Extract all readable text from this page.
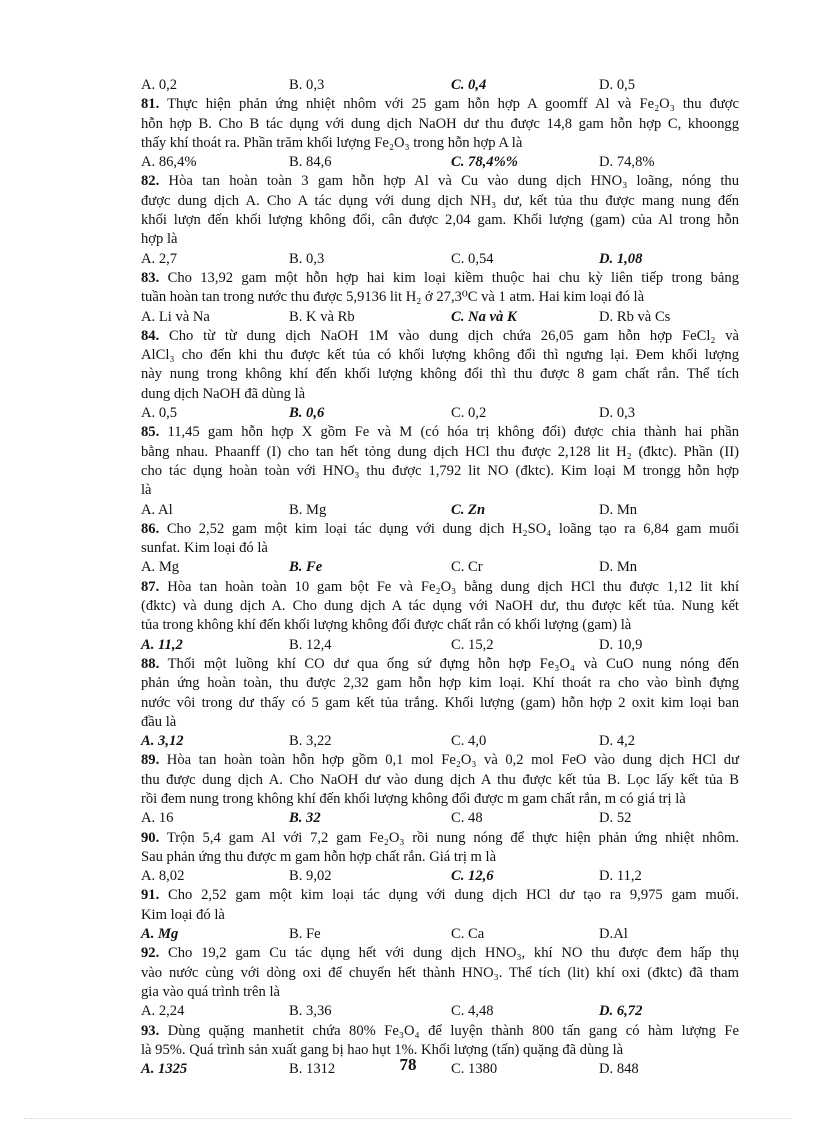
A. 0,2	B. 0,3	C. 0,4	D. 0,5
81. Thực hiện phản ứng nhiệt nhôm với 25 gam hỗn hợp A goomff Al và Fe₂O₃ thu được
hỗn hợp B. Cho B tác dụng với dung dịch NaOH dư thu được 14,8 gam hỗn hợp C, khoongg
thấy khí thoát ra. Phần trăm khối lượng Fe₂O₃ trong hỗn hợp A là
A. 86,4%	B. 84,6	C. 78,4%%	D. 74,8%
82. Hòa tan hoàn toàn 3 gam hỗn hợp Al và Cu vào dung dịch HNO₃ loãng, nóng thu
được dung dịch A. Cho A tác dụng với dung dịch NH₃ dư, kết tủa thu được mang nung đến
khối lượn đến khối lượng không đổi, cân được 2,04 gam. Khối lượng (gam) của Al trong hỗn
hợp là
A. 2,7	B. 0,3	C. 0,54	D. 1,08
83. Cho 13,92 gam một hỗn hợp hai kim loại kiềm thuộc hai chu kỳ liên tiếp trong bảng
tuần hoàn tan trong nước thu được 5,9136 lit H₂ ở 27,3⁰C và 1 atm. Hai kim loại đó là
A. Li và Na	B. K và Rb	C. Na và K	D. Rb và Cs
84. Cho từ từ dung dịch NaOH 1M vào dung dịch chứa 26,05 gam hỗn hợp FeCl₂ và
AlCl₃ cho đến khi thu được kết tủa có khối lượng không đổi thì ngưng lại. Đem khối lượng
này nung trong không khí đến khối lượng không đổi thì thu được 8 gam chất rắn. Thể tích
dung dịch NaOH đã dùng là
A. 0,5	B. 0,6	C. 0,2	D. 0,3
85. 11,45 gam hỗn hợp X gồm Fe và M (có hóa trị không đổi) được chia thành hai phần
bằng nhau. Phaanff (I) cho tan hết tỏng dung dịch HCl thu được 2,128 lit H₂ (đktc). Phần (II)
cho tác dụng hoàn toàn với HNO₃ thu được 1,792 lit NO (đktc). Kim loại M trongg hỗn hợp
là
A. Al	B. Mg	C. Zn	D. Mn
86. Cho 2,52 gam một kim loại tác dụng với dung dịch H₂SO₄ loãng tạo ra 6,84 gam muối
sunfat. Kim loại đó là
A. Mg	B. Fe	C. Cr	D. Mn
87. Hòa tan hoàn toàn 10 gam bột Fe và Fe₂O₃ bằng dung dịch HCl thu được 1,12 lit khí
(đktc) và dung dịch A. Cho dung dịch A tác dụng với NaOH dư, thu được kết tủa. Nung kết
tủa trong không khí đến khối lượng không đổi được chất rắn có khối lượng (gam) là
A. 11,2	B. 12,4	C. 15,2	D. 10,9
88. Thổi một luồng khí CO dư qua ống sứ đựng hỗn hợp Fe₃O₄ và CuO nung nóng đến
phản ứng hoàn toàn, thu được 2,32 gam hỗn hợp kim loại. Khí thoát ra cho vào bình đựng
nước vôi trong dư thấy có 5 gam kết tủa trắng. Khối lượng (gam) hỗn hợp 2 oxit kim loại ban
đầu là
A. 3,12	B. 3,22	C. 4,0	D. 4,2
89. Hòa tan hoàn toàn hỗn hợp gồm 0,1 mol Fe₂O₃ và 0,2 mol FeO vào dung dịch HCl dư
thu được dung dịch A. Cho NaOH dư vào dung dịch A thu được kết tủa B. Lọc lấy kết tủa B
rồi đem nung trong không khí đến khối lượng không đổi được m gam chất rắn, m có giá trị là
A. 16	B. 32	C. 48	D. 52
90. Trộn 5,4 gam Al với 7,2 gam Fe₂O₃ rồi nung nóng để thực hiện phản ứng nhiệt nhôm.
Sau phản ứng thu được m gam hỗn hợp chất rắn. Giá trị m là
A. 8,02	B. 9,02	C. 12,6	D. 11,2
91. Cho 2,52 gam một kim loại tác dụng với dung dịch HCl dư tạo ra 9,975 gam muối.
Kim loại đó là
A. Mg	B. Fe	C. Ca	D.Al
92. Cho 19,2 gam Cu tác dụng hết với dung dịch HNO₃, khí NO thu được đem hấp thụ
vào nước cùng với dòng oxi để chuyển hết thành HNO₃. Thể tích (lit) khí oxi (đktc) đã tham
gia vào quá trình trên là
A. 2,24	B. 3,36	C. 4,48	D. 6,72
93. Dùng quặng manhetit chứa 80% Fe₃O₄ để luyện thành 800 tấn gang có hàm lượng Fe
là 95%. Quá trình sản xuất gang bị hao hụt 1%. Khối lượng (tấn) quặng đã dùng là
A. 1325	B. 1312	C. 1380	D. 848
78
